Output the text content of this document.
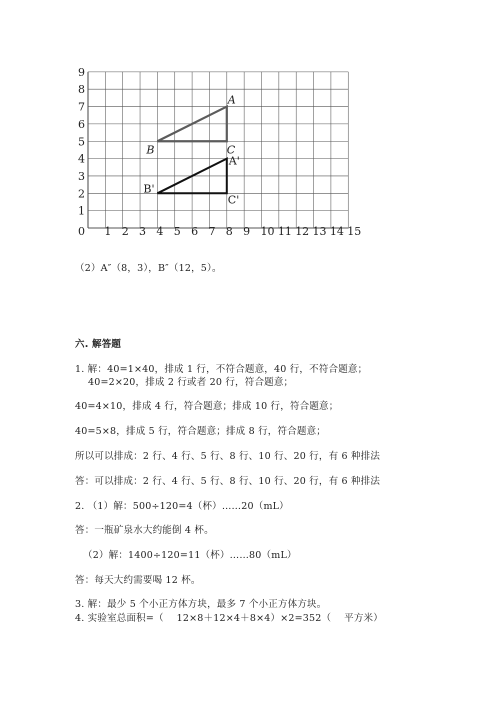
0 1 2 3 4 5 6 7 8 9 10 11 12 13 14 15
1
2
3
4
5
6
7
8
9
A
B	C
A'
B'
C'
（2）A″（8，3），B″（12，5）。
六. 解答题
1. 解：40=1×40，排成 1 行，不符合题意，40 行，不符合题意；
40=2×20，排成 2 行或者 20 行，符合题意；
40=4×10，排成 4 行，符合题意；排成 10 行，符合题意；
40=5×8，排成 5 行，符合题意；排成 8 行，符合题意；
所以可以排成：2 行、4 行、5 行、8 行、10 行、20 行，有 6 种排法
答：可以排成：2 行、4 行、5 行、8 行、10 行、20 行，有 6 种排法
2. （1）解：500÷120=4（杯）……20（mL）
答：一瓶矿泉水大约能倒 4 杯。
（2）解：1400÷120=11（杯）……80（mL）
答：每天大约需要喝 12 杯。
3. 解：最少 5 个小正方体方块，最多 7 个小正方体方块。
4. 实验室总面积=（　 12×8＋12×4＋8×4）×2=352（　 平方米）
